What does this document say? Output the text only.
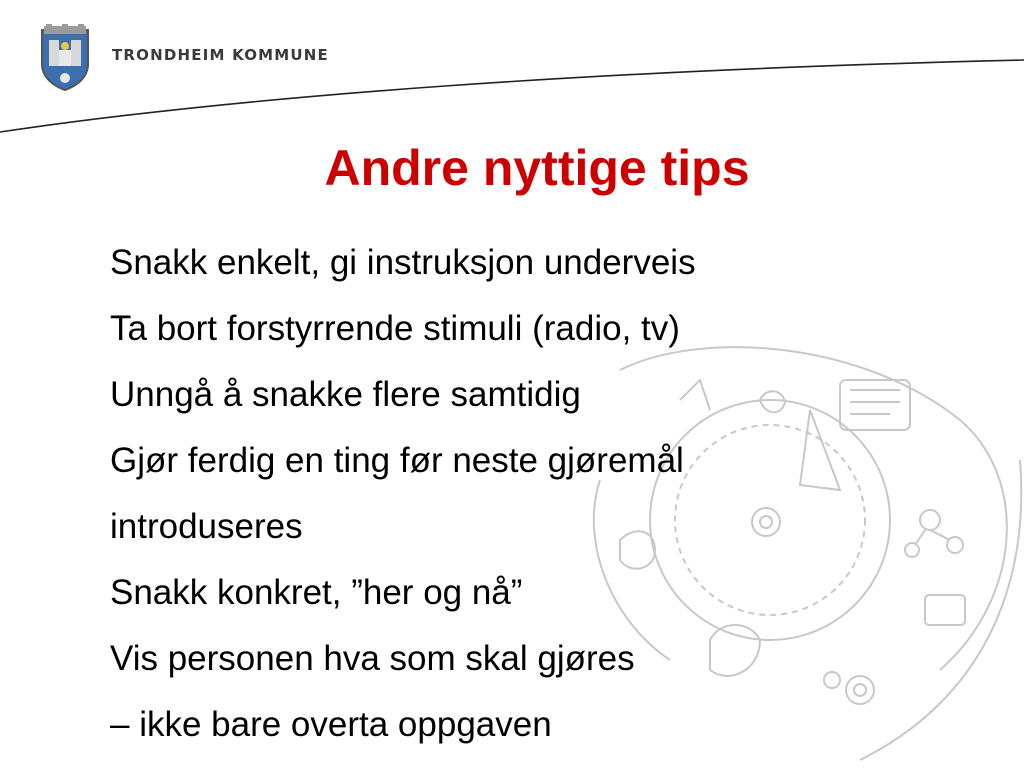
TRONDHEIM KOMMUNE
Andre nyttige tips
Snakk enkelt, gi instruksjon underveis
Ta bort forstyrrende stimuli (radio, tv)
Unngå å snakke flere samtidig
Gjør ferdig en ting før neste gjøremål
introduseres
Snakk konkret, ”her og nå”
Vis personen hva som skal gjøres
– ikke bare overta oppgaven
